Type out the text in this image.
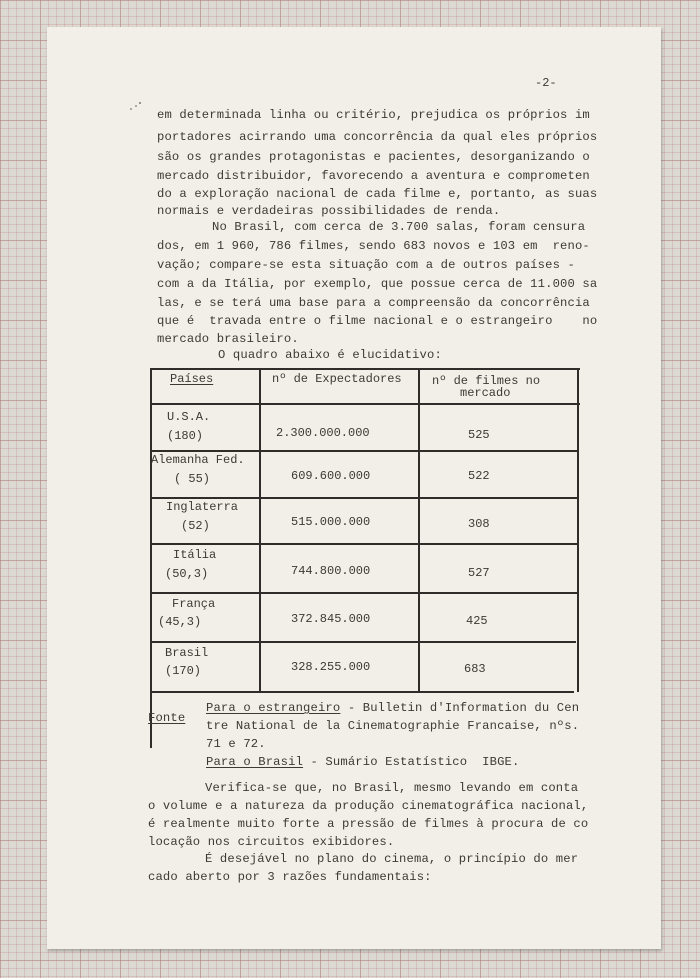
-2-
em determinada linha ou critério, prejudica os próprios im
portadores acirrando uma concorrência da qual eles próprios
são os grandes protagonistas e pacientes, desorganizando o
mercado distribuidor, favorecendo a aventura e comprometen
do a exploração nacional de cada filme e, portanto, as suas
normais e verdadeiras possibilidades de renda.
No Brasil, com cerca de 3.700 salas, foram censura
dos, em 1 960, 786 filmes, sendo 683 novos e 103 em  reno-
vação; compare-se esta situação com a de outros países -
com a da Itália, por exemplo, que possue cerca de 11.000 sa
las, e se terá uma base para a compreensão da concorrência
que é  travada entre o filme nacional e o estrangeiro    no
mercado brasileiro.
O quadro abaixo é elucidativo:
Países	nº de Expectadores	nº de filmes no
mercado
U.S.A.
(180)	2.300.000.000	525
Alemanha Fed.
( 55)	609.600.000	522
Inglaterra
(52)	515.000.000	308
Itália
(50,3)	744.800.000	527
França
(45,3)	372.845.000	425
Brasil
(170)	328.255.000	683
Fonte
Para o estrangeiro - Bulletin d'Information du Cen
tre National de la Cinematographie Francaise, nºs.
71 e 72.
Para o Brasil - Sumário Estatístico  IBGE.
Verifica-se que, no Brasil, mesmo levando em conta
o volume e a natureza da produção cinematográfica nacional,
é realmente muito forte a pressão de filmes à procura de co
locação nos circuitos exibidores.
É desejável no plano do cinema, o princípio do mer
cado aberto por 3 razões fundamentais:
